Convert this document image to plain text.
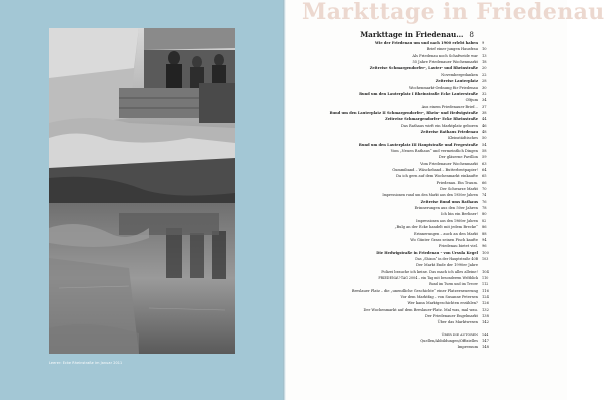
Leerer: Ecke Rheinstraße im Januar 2011
Markttage in Friedenau
Markttage in Friedenau… 8
Wie der Friedenau um und nach 1900 erlebt haben 9
Brief einer jungen Hausfrau 10
Als Friedenau noch Schafweide war 13
55 Jahre Friedenauer Wochenmarkt 18
Zeitreise Schmargendorfer-, Lauter- und Rheinstraße 20
Novembergedanken 22
Zeitreise Lauterplatz 28
Wochenmarkt-Ordnung für Friedenau 30
Rund um den Lauterplatz I Rheinstraße Ecke Lauterstraße 32
Oltjum 34
Aus einem Friedenauer Brief… 37
Rund um den Lauterplatz II Schmargendorfer-, Rhein- und Hedwigstraße 38
Zeitreise Schmargendorfer- Ecke Rheinstraße 44
Das Rathaus wirft ein Marktplatz geboren 46
Zeitreise Rathaus Friedenau 48
Kleinstädtisches 50
Rund um den Lauterplatz III Hauptstraße und Fregestraße 54
Vom „Neuen Rathaus“ und vermeintlich Dingen 58
Der gläserne Pavillon 59
Vom Friedenauer Wochenmarkt 63
Gummiband – Wäscheband – Butterbrotpapier! 64
Da ich gern auf dem Wochenmarkt einkaufte 65
Friedenau. Ein Traum. 66
Der Schwarze Markt 70
Impressionen rund um den Markt aus den 1950er Jahren 74
Zeitreise Rund ums Rathaus 76
Erinnerungen aus den 50er Jahren 78
Ich bin ein Berliner! 80
Impressionen aus den 1960er Jahren 82
„Bulg an der Ecke handelt mit jedem Brecke“ 86
Erinnerungen – auch an den Markt 88
Wo Günter Grass seinen Fisch kaufte 94
Friedenau bietet viel. 96
Die Hedwigstraße in Friedenau – von Ursula Kegel 100
Das „Shizon“ in der Hauptstraße 40B 103
Der Markt Ende der 1990er Jahre
Polizei brauche ich keine. Das mach ich alles alleine! 104
FRIEDENAU-TAG 2004 – ein Tag mit besonderem Weltblick 110
Rund im Turm und im Trecer 112
Breslauer Platz – die „unendliche Geschichte“ einer Platzerneuerung 116
Vor dem Marktfag – von Susanne Petersen 124
Wer kann Marktgeschichten erzählen? 126
Der Wochenmarkt auf dem Breslauer-Platz. Mal was, mal wau. 132
Der Friedenauer Engelmarkt 138
Über das Marktwesen 142
ÜBER DIE AUTOREN 144
Quellen/Abbildungen/Offizielles 147
Impressum 148
